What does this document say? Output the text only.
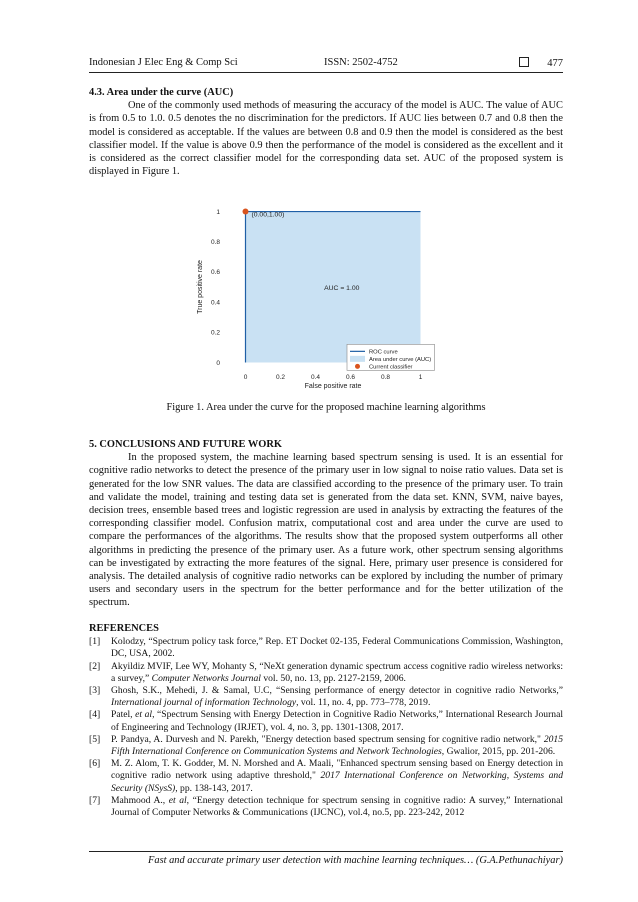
Indonesian J Elec Eng & Comp Sci	ISSN: 2502-4752	477
4.3. Area under the curve (AUC)
One of the commonly used methods of measuring the accuracy of the model is AUC. The value of AUC is from 0.5 to 1.0. 0.5 denotes the no discrimination for the predictors. If AUC lies between 0.7 and 0.8 then the model is considered as acceptable. If the values are between 0.8 and 0.9 then the model is considered as the best classifier model. If the value is above 0.9 then the performance of the model is considered as the excellent and it is considered as the correct classifier model for the corresponding data set. AUC of the proposed system is displayed in Figure 1.
0	0.2	0.4	0.6	0.8	1
0
0.2
0.4
0.6
0.8
1
False positive rate
True positive rate
(0.00,1.00)
AUC = 1.00
ROC curve
Area under curve (AUC)
Current classifier
Figure 1. Area under the curve for the proposed machine learning algorithms
5. CONCLUSIONS AND FUTURE WORK
In the proposed system, the machine learning based spectrum sensing is used. It is an essential for cognitive radio networks to detect the presence of the primary user in low signal to noise ratio values. Data set is generated for the low SNR values. The data are classified according to the presence of the primary user. To train and validate the model, training and testing data set is generated from the data set. KNN, SVM, naive bayes, decision trees, ensemble based trees and logistic regression are used in analysis by extracting the features of the corresponding classifier model. Confusion matrix, computational cost and area under the curve are used to compare the performances of the algorithms. The results show that the proposed system outperforms all other algorithms in predicting the presence of the primary user. As a future work, other spectrum sensing algorithms can be investigated by extracting the more features of the signal. Here, primary user presence is considered for analysis. The detailed analysis of cognitive radio networks can be explored by including the number of primary users and secondary users in the spectrum for the better performance and for the better utilization of the spectrum.
REFERENCES
[1] Kolodzy, “Spectrum policy task force,” Rep. ET Docket 02-135, Federal Communications Commission, Washington, DC, USA, 2002.
[2] Akyildiz MVIF, Lee WY, Mohanty S, “NeXt generation dynamic spectrum access cognitive radio wireless networks: a survey,” Computer Networks Journal vol. 50, no. 13, pp. 2127-2159, 2006.
[3] Ghosh, S.K., Mehedi, J. & Samal, U.C, “Sensing performance of energy detector in cognitive radio Networks,” International journal of information Technology, vol. 11, no. 4, pp. 773–778, 2019.
[4] Patel, et al, “Spectrum Sensing with Energy Detection in Cognitive Radio Networks,” International Research Journal of Engineering and Technology (IRJET), vol. 4, no. 3, pp. 1301-1308, 2017.
[5] P. Pandya, A. Durvesh and N. Parekh, "Energy detection based spectrum sensing for cognitive radio network," 2015 Fifth International Conference on Communication Systems and Network Technologies, Gwalior, 2015, pp. 201-206.
[6] M. Z. Alom, T. K. Godder, M. N. Morshed and A. Maali, "Enhanced spectrum sensing based on Energy detection in cognitive radio network using adaptive threshold," 2017 International Conference on Networking, Systems and Security (NSysS), pp. 138-143, 2017.
[7] Mahmood A., et al, “Energy detection technique for spectrum sensing in cognitive radio: A survey,” International Journal of Computer Networks & Communications (IJCNC), vol.4, no.5, pp. 223-242, 2012
Fast and accurate primary user detection with machine learning techniques… (G.A.Pethunachiyar)
